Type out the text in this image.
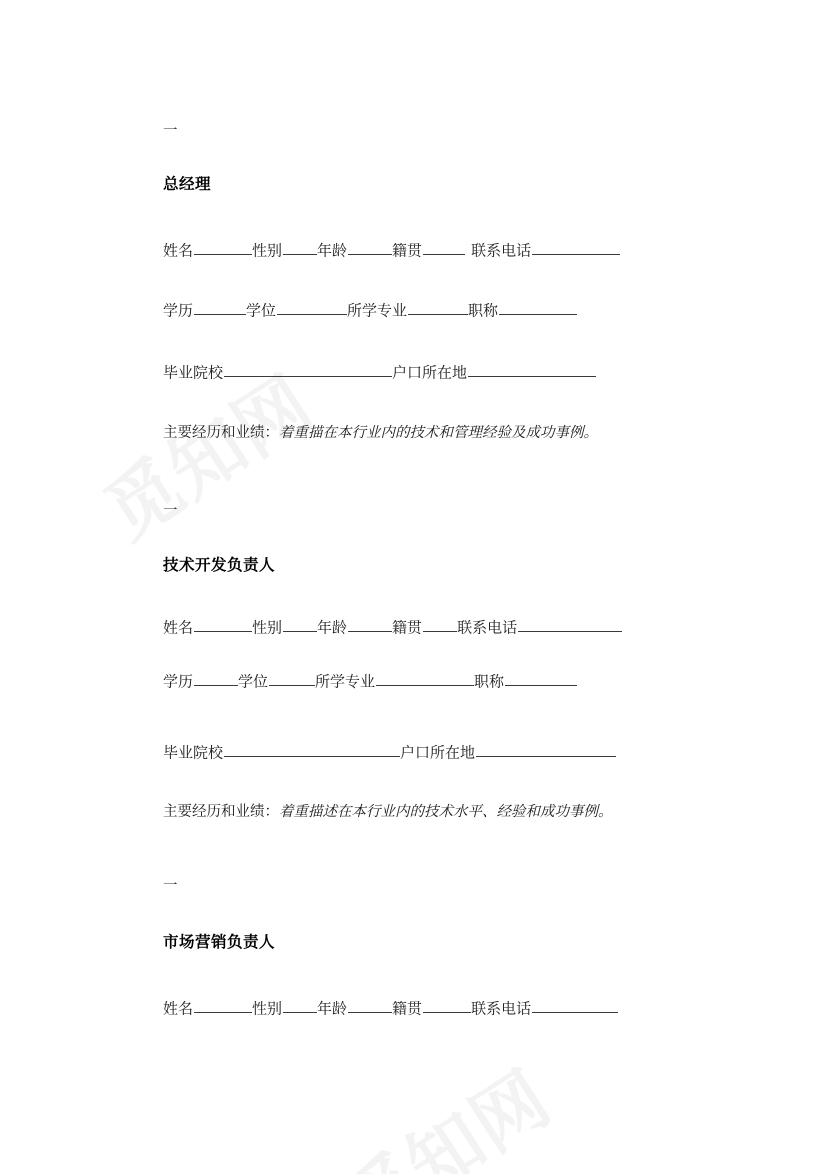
一
总经理
姓名	性别 年龄	籍贯	联系电话
学历	学位	所学专业	职称
毕业院校	户口所在地
主要经历和业绩：着重描在本行业内的技术和管理经验及成功事例。
一
技术开发负责人
姓名	性别 年龄	籍贯 联系电话
学历	学位	所学专业	职称
毕业院校	户口所在地
主要经历和业绩：着重描述在本行业内的技术水平、经验和成功事例。
一
市场营销负责人
姓名	性别 年龄	籍贯	联系电话
